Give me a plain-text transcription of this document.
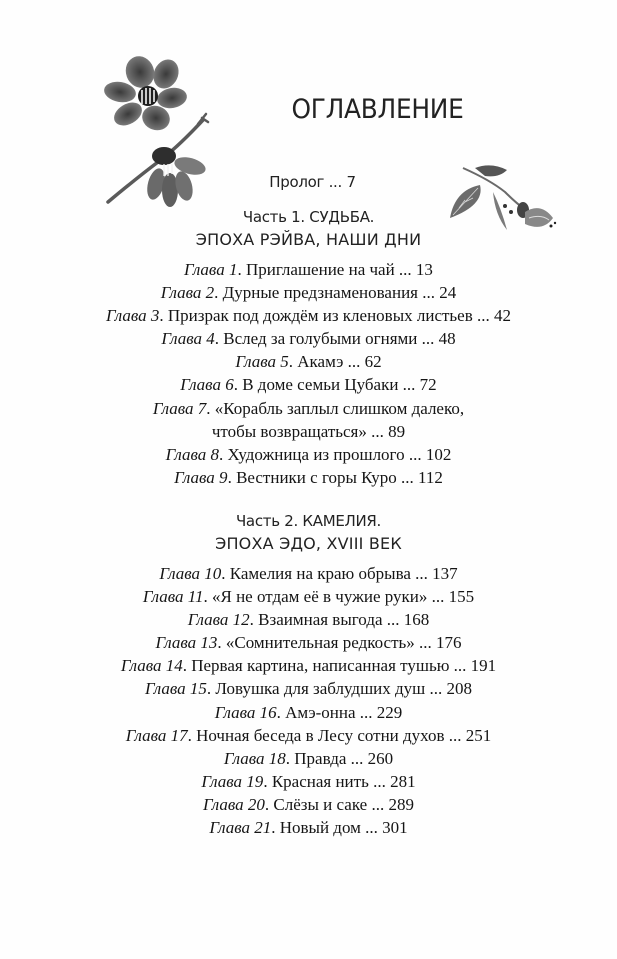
ОГЛАВЛЕНИЕ
Пролог ... 7
Часть 1. СУДЬБА.
ЭПОХА РЭЙВА, НАШИ ДНИ
Глава 1. Приглашение на чай ... 13
Глава 2. Дурные предзнаменования ... 24
Глава 3. Призрак под дождём из кленовых листьев ... 42
Глава 4. Вслед за голубыми огнями ... 48
Глава 5. Акамэ ... 62
Глава 6. В доме семьи Цубаки ... 72
Глава 7. «Корабль заплыл слишком далеко,
чтобы возвращаться» ... 89
Глава 8. Художница из прошлого ... 102
Глава 9. Вестники с горы Куро ... 112
Часть 2. КАМЕЛИЯ.
ЭПОХА ЭДО, XVIII ВЕК
Глава 10. Камелия на краю обрыва ... 137
Глава 11. «Я не отдам её в чужие руки» ... 155
Глава 12. Взаимная выгода ... 168
Глава 13. «Сомнительная редкость» ... 176
Глава 14. Первая картина, написанная тушью ... 191
Глава 15. Ловушка для заблудших душ ... 208
Глава 16. Амэ-онна ... 229
Глава 17. Ночная беседа в Лесу сотни духов ... 251
Глава 18. Правда ... 260
Глава 19. Красная нить ... 281
Глава 20. Слёзы и саке ... 289
Глава 21. Новый дом ... 301
